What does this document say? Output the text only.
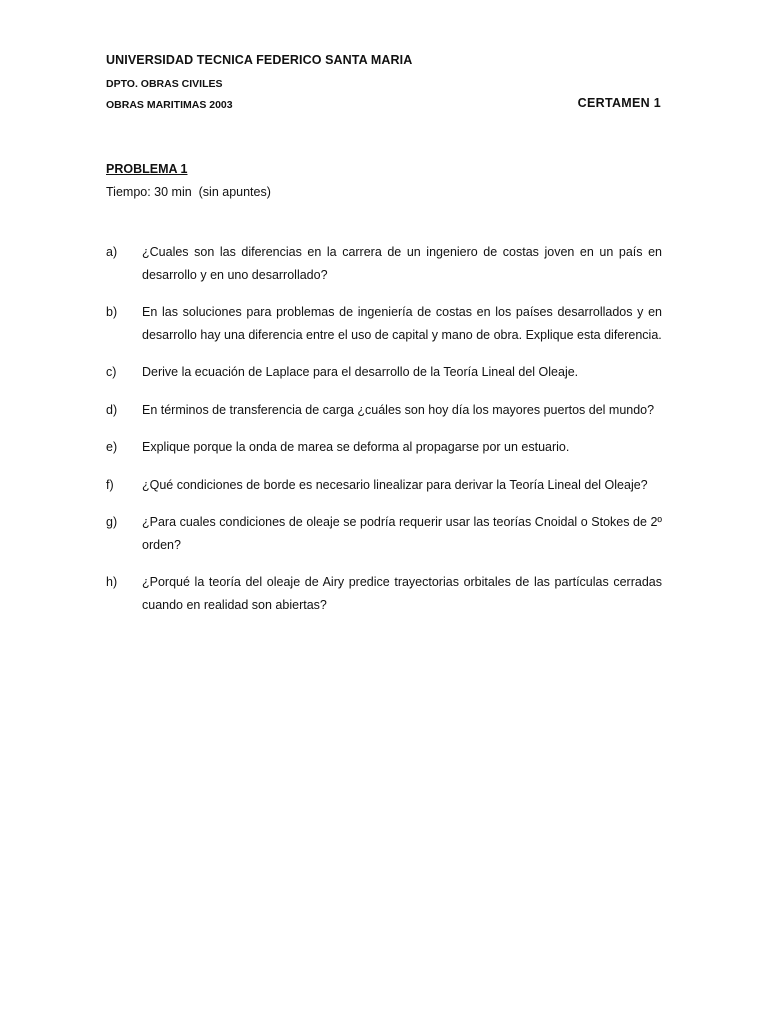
UNIVERSIDAD TECNICA FEDERICO SANTA MARIA
DPTO. OBRAS CIVILES
OBRAS MARITIMAS 2003	CERTAMEN 1
PROBLEMA 1
Tiempo: 30 min  (sin apuntes)
a)	¿Cuales son las diferencias en la carrera de un ingeniero de costas joven en un país en desarrollo y en uno desarrollado?
b)	En las soluciones para problemas de ingeniería de costas en los países desarrollados y en desarrollo hay una diferencia entre el uso de capital y mano de obra. Explique esta diferencia.
c)	Derive la ecuación de Laplace para el desarrollo de la Teoría Lineal del Oleaje.
d)	En términos de transferencia de carga ¿cuáles son hoy día los mayores puertos del mundo?
e)	Explique porque la onda de marea se deforma al propagarse por un estuario.
f)	¿Qué condiciones de borde es necesario linealizar para derivar la Teoría Lineal del Oleaje?
g)	¿Para cuales condiciones de oleaje se podría requerir usar las teorías Cnoidal o Stokes de 2º orden?
h)	¿Porqué la teoría del oleaje de Airy predice trayectorias orbitales de las partículas cerradas cuando en realidad son abiertas?
